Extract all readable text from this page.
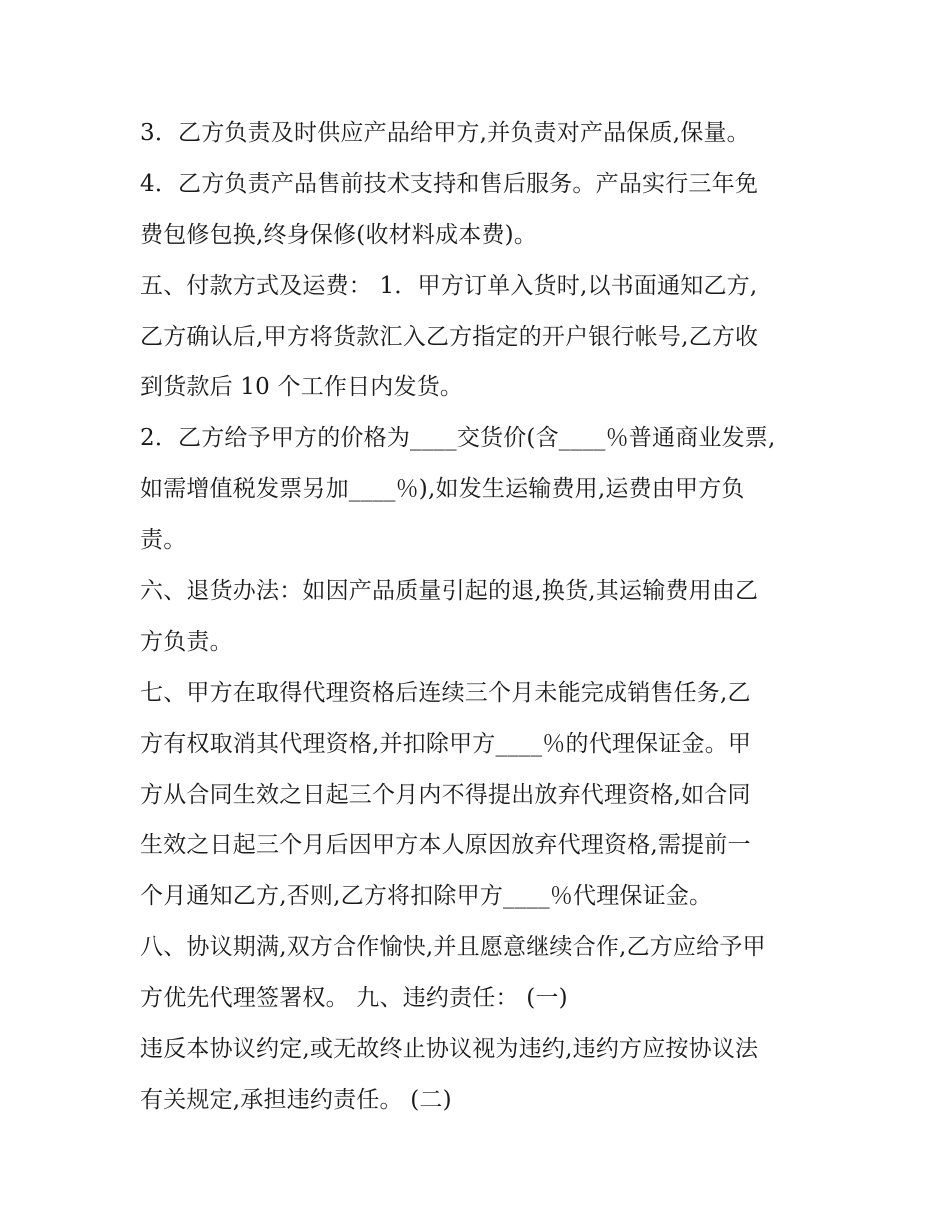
3．乙方负责及时供应产品给甲方,并负责对产品保质,保量。
4．乙方负责产品售前技术支持和售后服务。产品实行三年免
费包修包换,终身保修(收材料成本费)。
五、付款方式及运费： 1．甲方订单入货时,以书面通知乙方,
乙方确认后,甲方将货款汇入乙方指定的开户银行帐号,乙方收
到货款后 10 个工作日内发货。
2．乙方给予甲方的价格为____交货价(含____％普通商业发票,
如需增值税发票另加____％),如发生运输费用,运费由甲方负
责。
六、退货办法：如因产品质量引起的退,换货,其运输费用由乙
方负责。
七、甲方在取得代理资格后连续三个月未能完成销售任务,乙
方有权取消其代理资格,并扣除甲方____％的代理保证金。甲
方从合同生效之日起三个月内不得提出放弃代理资格,如合同
生效之日起三个月后因甲方本人原因放弃代理资格,需提前一
个月通知乙方,否则,乙方将扣除甲方____％代理保证金。
八、协议期满,双方合作愉快,并且愿意继续合作,乙方应给予甲
方优先代理签署权。 九、违约责任： (一)
违反本协议约定,或无故终止协议视为违约,违约方应按协议法
有关规定,承担违约责任。 (二)
